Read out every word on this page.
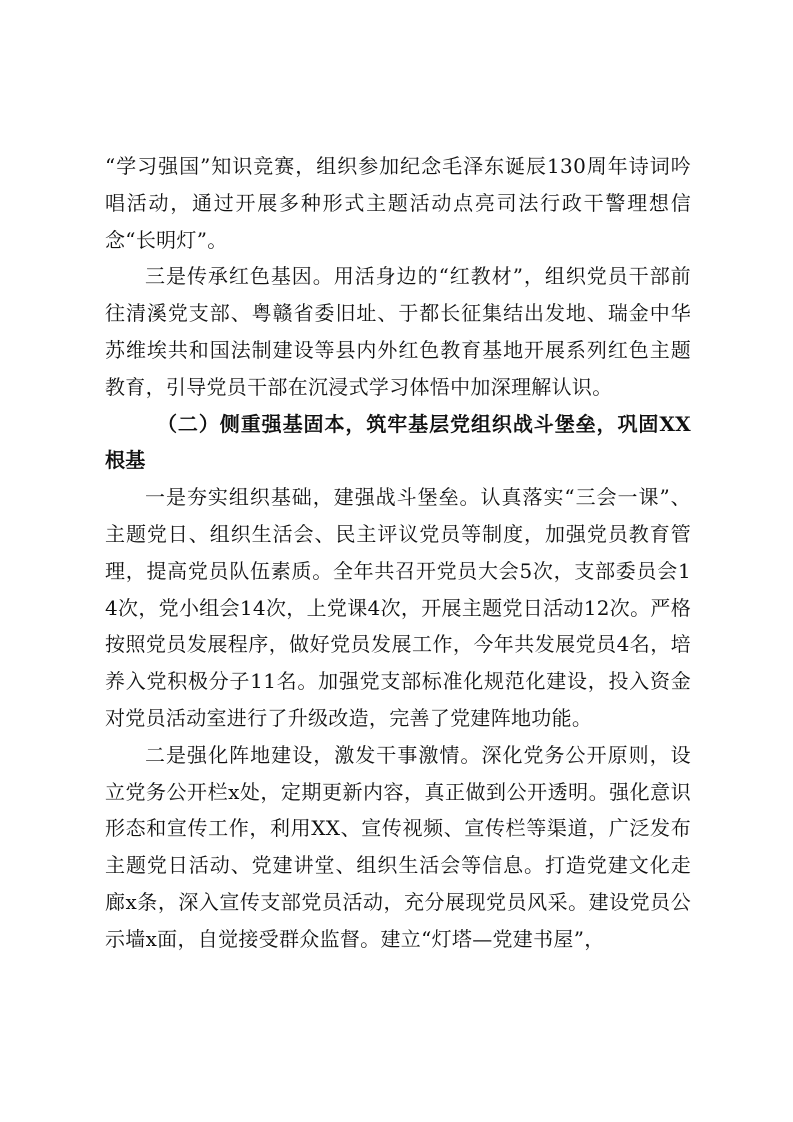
“学习强国”知识竞赛，组织参加纪念毛泽东诞辰130周年诗词吟唱活动，通过开展多种形式主题活动点亮司法行政干警理想信念“长明灯”。

三是传承红色基因。用活身边的“红教材”，组织党员干部前往清溪党支部、粤赣省委旧址、于都长征集结出发地、瑞金中华苏维埃共和国法制建设等县内外红色教育基地开展系列红色主题教育，引导党员干部在沉浸式学习体悟中加深理解认识。

（二）侧重强基固本，筑牢基层党组织战斗堡垒，巩固XX根基

一是夯实组织基础，建强战斗堡垒。认真落实“三会一课”、主题党日、组织生活会、民主评议党员等制度，加强党员教育管理，提高党员队伍素质。全年共召开党员大会5次，支部委员会14次，党小组会14次，上党课4次，开展主题党日活动12次。严格按照党员发展程序，做好党员发展工作，今年共发展党员4名，培养入党积极分子11名。加强党支部标准化规范化建设，投入资金对党员活动室进行了升级改造，完善了党建阵地功能。

二是强化阵地建设，激发干事激情。深化党务公开原则，设立党务公开栏x处，定期更新内容，真正做到公开透明。强化意识形态和宣传工作，利用XX、宣传视频、宣传栏等渠道，广泛发布主题党日活动、党建讲堂、组织生活会等信息。打造党建文化走廊x条，深入宣传支部党员活动，充分展现党员风采。建设党员公示墙x面，自觉接受群众监督。建立“灯塔—党建书屋”，
